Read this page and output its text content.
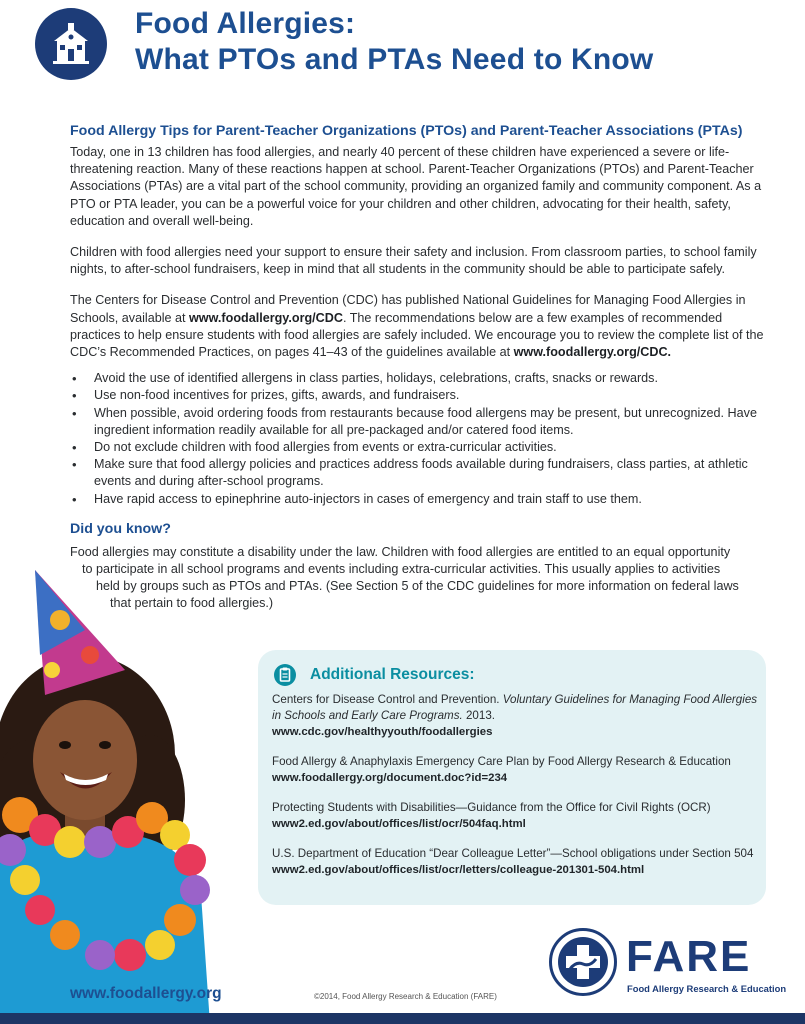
Food Allergies:
What PTOs and PTAs Need to Know
Food Allergy Tips for Parent-Teacher Organizations (PTOs) and Parent-Teacher Associations (PTAs)

Today, one in 13 children has food allergies, and nearly 40 percent of these children have experienced a severe or life-threatening reaction. Many of these reactions happen at school. Parent-Teacher Organizations (PTOs) and Parent-Teacher Associations (PTAs) are a vital part of the school community, providing an organized family and community component. As a PTO or PTA leader, you can be a powerful voice for your children and other children, advocating for their health, safety, education and overall well-being.

Children with food allergies need your support to ensure their safety and inclusion. From classroom parties, to school family nights, to after-school fundraisers, keep in mind that all students in the community should be able to participate safely.

The Centers for Disease Control and Prevention (CDC) has published National Guidelines for Managing Food Allergies in Schools, available at www.foodallergy.org/CDC. The recommendations below are a few examples of recommended practices to help ensure students with food allergies are safely included. We encourage you to review the complete list of the CDC’s Recommended Practices, on pages 41–43 of the guidelines available at www.foodallergy.org/CDC.

• Avoid the use of identified allergens in class parties, holidays, celebrations, crafts, snacks or rewards.
• Use non-food incentives for prizes, gifts, awards, and fundraisers.
• When possible, avoid ordering foods from restaurants because food allergens may be present, but unrecognized. Have ingredient information readily available for all pre-packaged and/or catered food items.
• Do not exclude children with food allergies from events or extra-curricular activities.
• Make sure that food allergy policies and practices address foods available during fundraisers, class parties, at athletic events and during after-school programs.
• Have rapid access to epinephrine auto-injectors in cases of emergency and train staff to use them.
Did you know?
Food allergies may constitute a disability under the law. Children with food allergies are entitled to an equal opportunity
to participate in all school programs and events including extra-curricular activities. This usually applies to activities
held by groups such as PTOs and PTAs. (See Section 5 of the CDC guidelines for more information on federal laws
that pertain to food allergies.)
Additional Resources:
Centers for Disease Control and Prevention. Voluntary Guidelines for Managing Food Allergies in Schools and Early Care Programs. 2013.
www.cdc.gov/healthyyouth/foodallergies
Food Allergy & Anaphylaxis Emergency Care Plan by Food Allergy Research & Education
www.foodallergy.org/document.doc?id=234
Protecting Students with Disabilities—Guidance from the Office for Civil Rights (OCR)
www2.ed.gov/about/offices/list/ocr/504faq.html
U.S. Department of Education “Dear Colleague Letter”—School obligations under Section 504
www2.ed.gov/about/offices/list/ocr/letters/colleague-201301-504.html
FARE
Food Allergy Research & Education
www.foodallergy.org	©2014, Food Allergy Research & Education (FARE)
